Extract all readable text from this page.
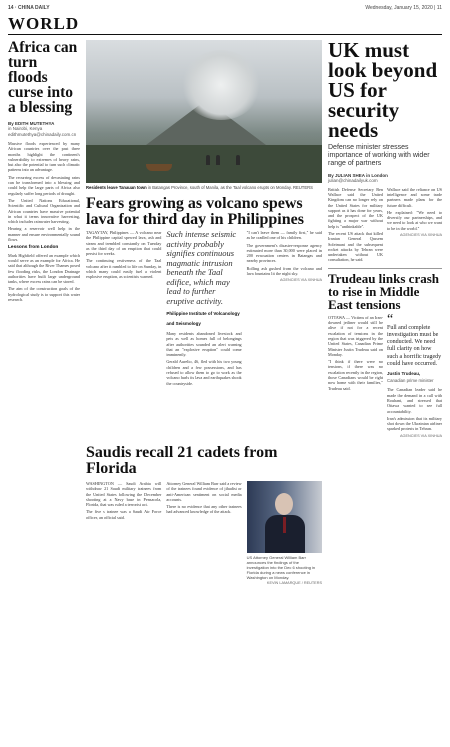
14 · CHINA DAILY	Wednesday, January 15, 2020 | 11
WORLD
Africa can turn floods curse into a blessing
By EDITH MUTETHYA
in Nairobi, Kenya
edithmutethya@chinadaily.com.cn

Massive floods experienced by many African countries over the past three months highlight the continent's vulnerability to extremes of heavy rains, but also the potential to turn such climatic patterns into an advantage.

The recurring excess of devastating rains can be transformed into a blessing and could help the large parts of Africa also regularly suffer long periods of drought.

The United Nations Educational, Scientific and Cultural Organization and African countries have massive potential in what it terms innovative harvesting, which includes rainwater harvesting.

Hearing a reservoir well help in the manner and ensure environmentally sound flows.

Lessons from London

Mark Highfield offered an example which would serve as an example for Africa. He said that although the River Thames posed few flooding risks, the London Drainage authorities have built large underground tanks, where excess rains can be stored.

The aim of the construction goals of the hydrological study is to support this water research.

Residents leave Tanauan town in Batangas Province, south of Manila, as the Taal volcano erupts on Monday. REUTERS
Fears growing as volcano spews lava for third day in Philippines

TAGAYTAY, Philippines — A volcano near the Philippine capital spewed lava, ash and steam and trembled constantly on Tuesday as the third day of an eruption that could persist for weeks.

The continuing restiveness of the Taal volcano after it rumbled to life on Sunday, in which many could easily fuel a violent explosive eruption, as scientists warned.

Such intense seismic activity probably signifies continuous magmatic intrusion beneath the Taal edifice, which may lead to further eruptive activity.
Philippine Institute of Volcanology and Seismology

Many residents abandoned livestock and pets as well as homes full of belongings after authorities sounded an alert warning that an "explosive eruption" could come imminently.

Gerald Aurelio, 46, fled with his two young children and a few possessions, and has refused to allow them to go to work as the volcano hurls its lava and earthquakes shook the countryside.

"I can't leave them — family first," he said as he cradled one of his children.

The government's disaster-response agency estimated more than 30,000 were placed in 200 evacuation centers in Batangas and nearby provinces.

Rolling ash gushed from the volcano and lava fountains lit the night sky.

AGENCIES VIA XINHUA
Saudis recall 21 cadets from Florida

WASHINGTON — Saudi Arabia will withdraw 21 Saudi military trainees from the United States following the December shooting at a Navy base in Pensacola, Florida, that was ruled a terrorist act.

The five s trainee was a Saudi Air Force officer, an official said.

Attorney General William Barr said a review of the trainees found evidence of jihadist or anti-American sentiment on social media accounts.

There is no evidence that any other trainees had advanced knowledge of the attack.

US Attorney General William Barr announces the findings of the investigation into the Dec 6 shooting in Florida during a news conference in Washington on Monday.
KEVIN LAMARQUE / REUTERS
UK must look beyond US for security needs
Defense minister stresses importance of working with wider range of partners
By JULIAN SHEA in London
julian@chinadailyuk.com

British Defense Secretary Ben Wallace said the United Kingdom can no longer rely on the United States for military support as it has done for years, and the prospect of the UK fighting a major war without help is "unthinkable".

The recent US attack that killed Iranian General Qassem Soleimani and the subsequent rocket attacks by Tehran were undertaken without UK consultation, he said.

Wallace said the reliance on US intelligence and some trade partners made plans for the future difficult.

He explained: "We need to diversify our partnerships, and we need to look at who we want to be in the world."

AGENCIES VIA XINHUA
Trudeau links crash to rise in Middle East tensions

OTTAWA — Victims of an Iran-downed jetliner would still be alive if not for a recent escalation of tensions in the region that was triggered by the United States, Canadian Prime Minister Justin Trudeau said on Monday.

"I think if there were no tensions, if there was no escalation recently in the region, those Canadians would be right now home with their families," Trudeau said.

“
Full and complete investigation must be conducted. We need full clarity on how such a horrific tragedy could have occurred.
Justin Trudeau,
Canadian prime minister

The Canadian leader said he made the demand in a call with Rouhani, and stressed that Ottawa wanted to see full accountability.

Iran's admission that its military shot down the Ukrainian airliner sparked protests in Tehran.

AGENCIES VIA XINHUA
